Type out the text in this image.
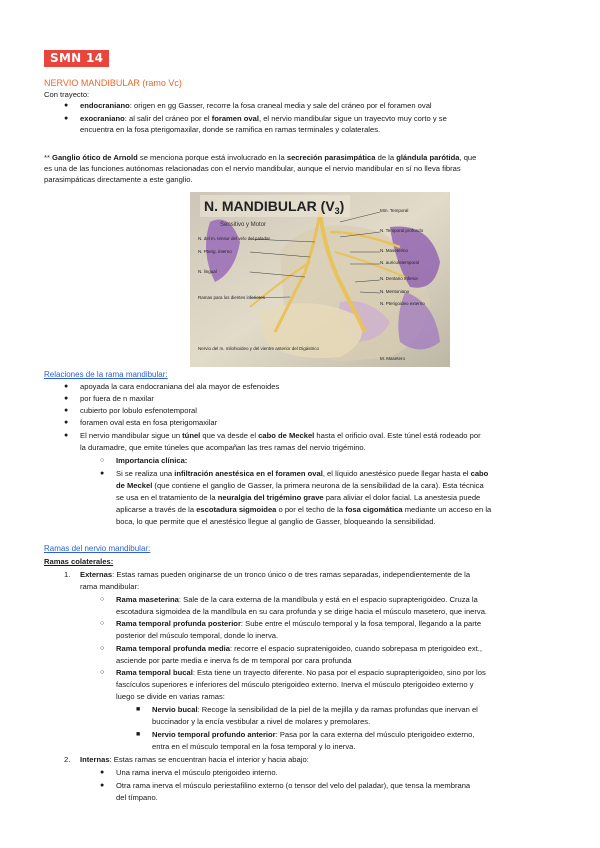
SMN 14
NERVIO MANDIBULAR (ramo Vc)
Con trayecto:
● endocraniano: origen en gg Gasser, recorre la fosa craneal media y sale del cráneo por el foramen oval
● exocraniano: al salir del cráneo por el foramen oval, el nervio mandibular sigue un trayecvto muy corto y se
encuentra en la fosa pterigomaxilar, donde se ramifica en ramas terminales y colaterales.
** Ganglio ótico de Arnold se menciona porque está involucrado en la secreción parasimpática de la glándula parótida, que
es una de las funciones autónomas relacionadas con el nervio mandibular, aunque el nervio mandibular en sí no lleva fibras
parasimpáticas directamente a este ganglio.
N. MANDIBULAR $(V_3)$
Sensitivo y Motor
N. del m. tensor del velo del paladar
N. Pterig. interno
N. lingual
Ramas para los dientes inferiores
Nervio del m. milohioideo y del vientre anterior del Digástrico
Mm. Temporal
N. Temporal profundo
N. Maseterino
N. auriculotemporal
N. Dentario Inferior
N. Mentoniano
N. Pterigoideo externo
M. Masetero
Relaciones de la rama mandibular:
● apoyada la cara endocraniana del ala mayor de esfenoides
● por fuera de n maxilar
● cubierto por lobulo esfenotemporal
● foramen oval esta en fosa pterigomaxilar
● El nervio mandibular sigue un túnel que va desde el cabo de Meckel hasta el orificio oval. Este túnel está rodeado por
la duramadre, que emite túneles que acompañan las tres ramas del nervio trigémino.
○ Importancia clínica:
● Si se realiza una infiltración anestésica en el foramen oval, el líquido anestésico puede llegar hasta el cabo
de Meckel (que contiene el ganglio de Gasser, la primera neurona de la sensibilidad de la cara). Esta técnica
se usa en el tratamiento de la neuralgia del trigémino grave para aliviar el dolor facial. La anestesia puede
aplicarse a través de la escotadura sigmoidea o por el techo de la fosa cigomática mediante un acceso en la
boca, lo que permite que el anestésico llegue al ganglio de Gasser, bloqueando la sensibilidad.
Ramas del nervio mandibular:
Ramas colaterales:
1. Externas: Estas ramas pueden originarse de un tronco único o de tres ramas separadas, independientemente de la
rama mandibular:
○ Rama maseterina: Sale de la cara externa de la mandíbula y está en el espacio suprapterigoideo. Cruza la
escotadura sigmoidea de la mandíbula en su cara profunda y se dirige hacia el músculo masetero, que inerva.
○ Rama temporal profunda posterior: Sube entre el músculo temporal y la fosa temporal, llegando a la parte
posterior del músculo temporal, donde lo inerva.
○ Rama temporal profunda media: recorre el espacio supratenigoideo, cuando sobrepasa m pterigoideo ext.,
asciende por parte media e inerva fs de m temporal por cara profunda
○ Rama temporal bucal: Esta tiene un trayecto diferente. No pasa por el espacio suprapterigoideo, sino por los
fascículos superiores e inferiores del músculo pterigoideo externo. Inerva el músculo pterigoideo externo y
luego se divide en varias ramas:
■ Nervio bucal: Recoge la sensibilidad de la piel de la mejilla y da ramas profundas que inervan el
buccinador y la encía vestibular a nivel de molares y premolares.
■ Nervio temporal profundo anterior: Pasa por la cara externa del músculo pterigoideo externo,
entra en el músculo temporal en la fosa temporal y lo inerva.
2. Internas: Estas ramas se encuentran hacia el interior y hacia abajo:
● Una rama inerva el músculo pterigoideo interno.
● Otra rama inerva el músculo periestafilino externo (o tensor del velo del paladar), que tensa la membrana
del tímpano.
